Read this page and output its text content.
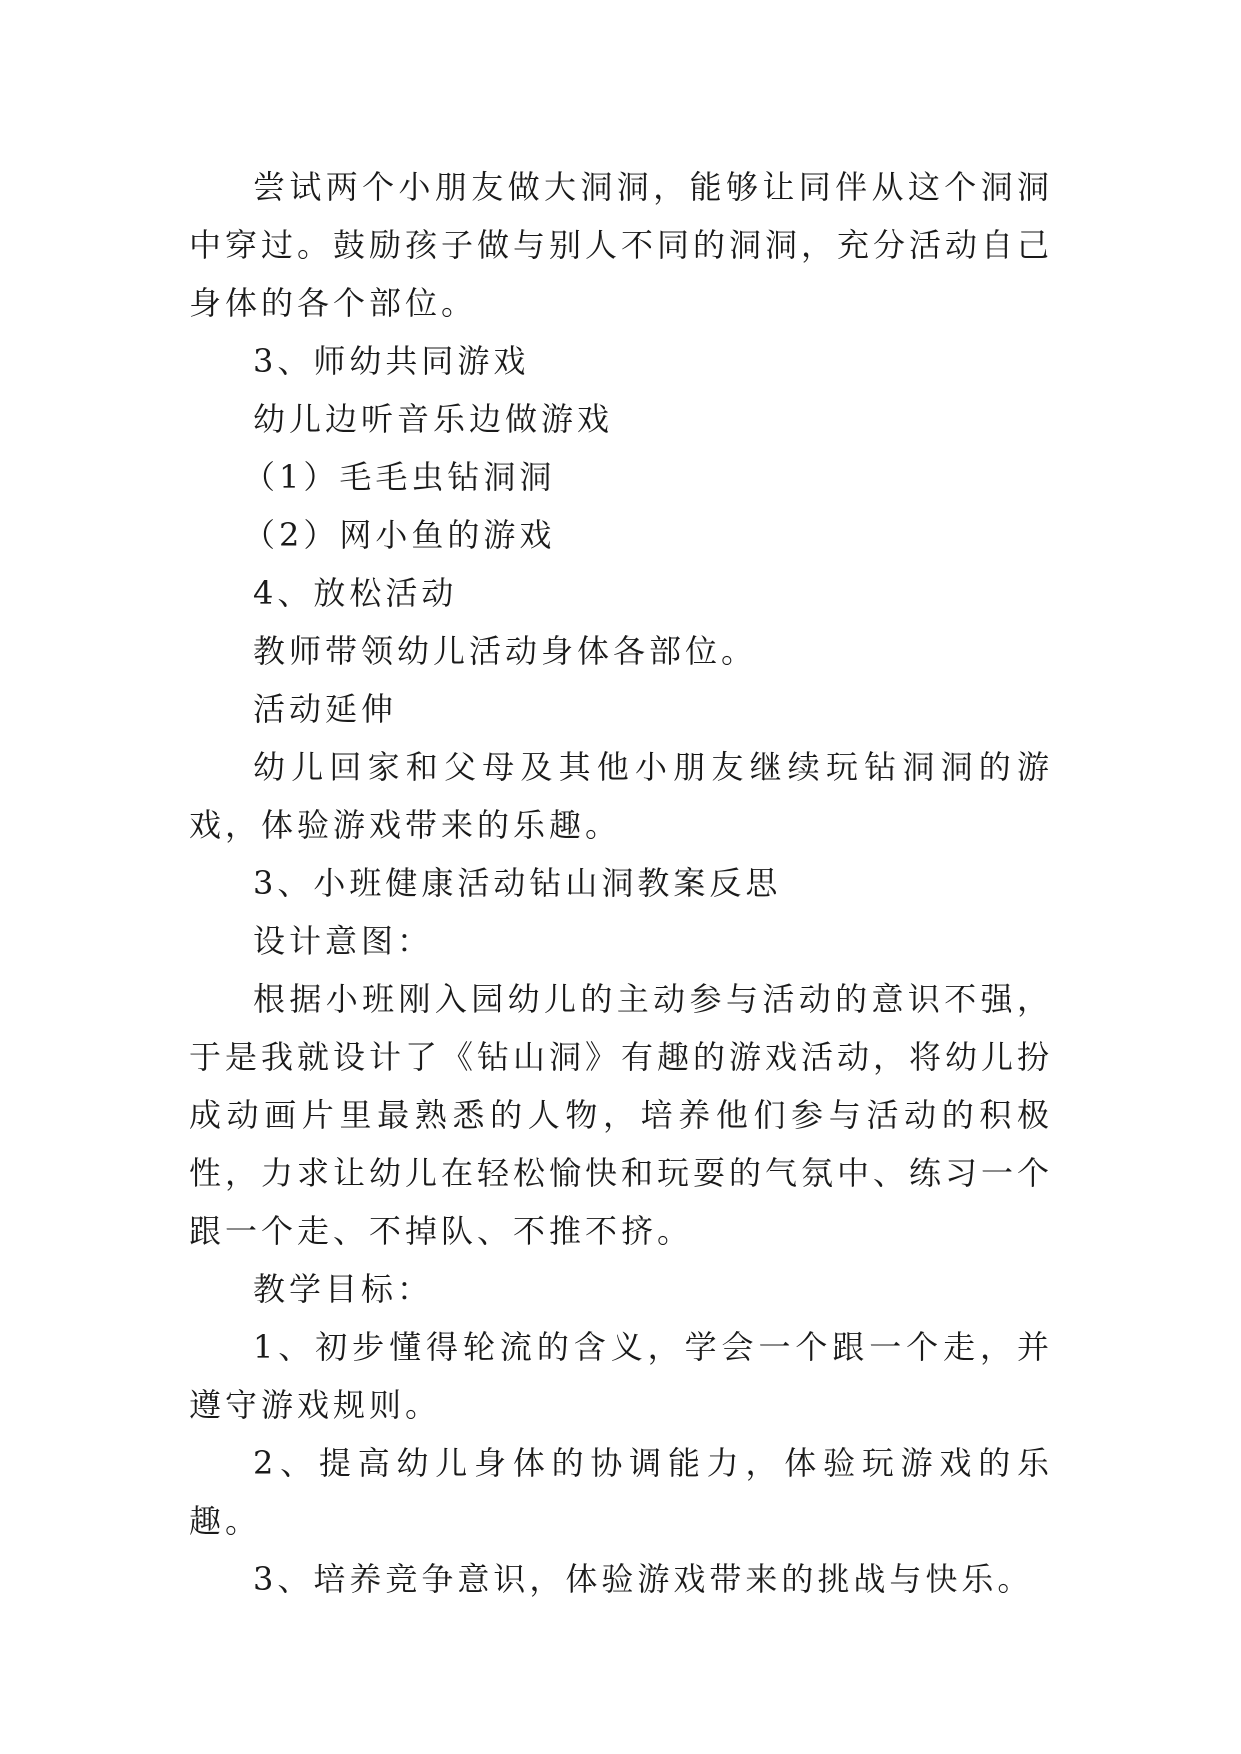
尝试两个小朋友做大洞洞，能够让同伴从这个洞洞中穿过。鼓励孩子做与别人不同的洞洞，充分活动自己身体的各个部位。

3、师幼共同游戏

幼儿边听音乐边做游戏

（1）毛毛虫钻洞洞

（2）网小鱼的游戏

4、放松活动

教师带领幼儿活动身体各部位。

活动延伸

幼儿回家和父母及其他小朋友继续玩钻洞洞的游戏，体验游戏带来的乐趣。

3、小班健康活动钻山洞教案反思

设计意图：

根据小班刚入园幼儿的主动参与活动的意识不强，于是我就设计了《钻山洞》有趣的游戏活动，将幼儿扮成动画片里最熟悉的人物，培养他们参与活动的积极性，力求让幼儿在轻松愉快和玩耍的气氛中、练习一个跟一个走、不掉队、不推不挤。

教学目标：

1、初步懂得轮流的含义，学会一个跟一个走，并遵守游戏规则。

2、提高幼儿身体的协调能力，体验玩游戏的乐趣。

3、培养竞争意识，体验游戏带来的挑战与快乐。
